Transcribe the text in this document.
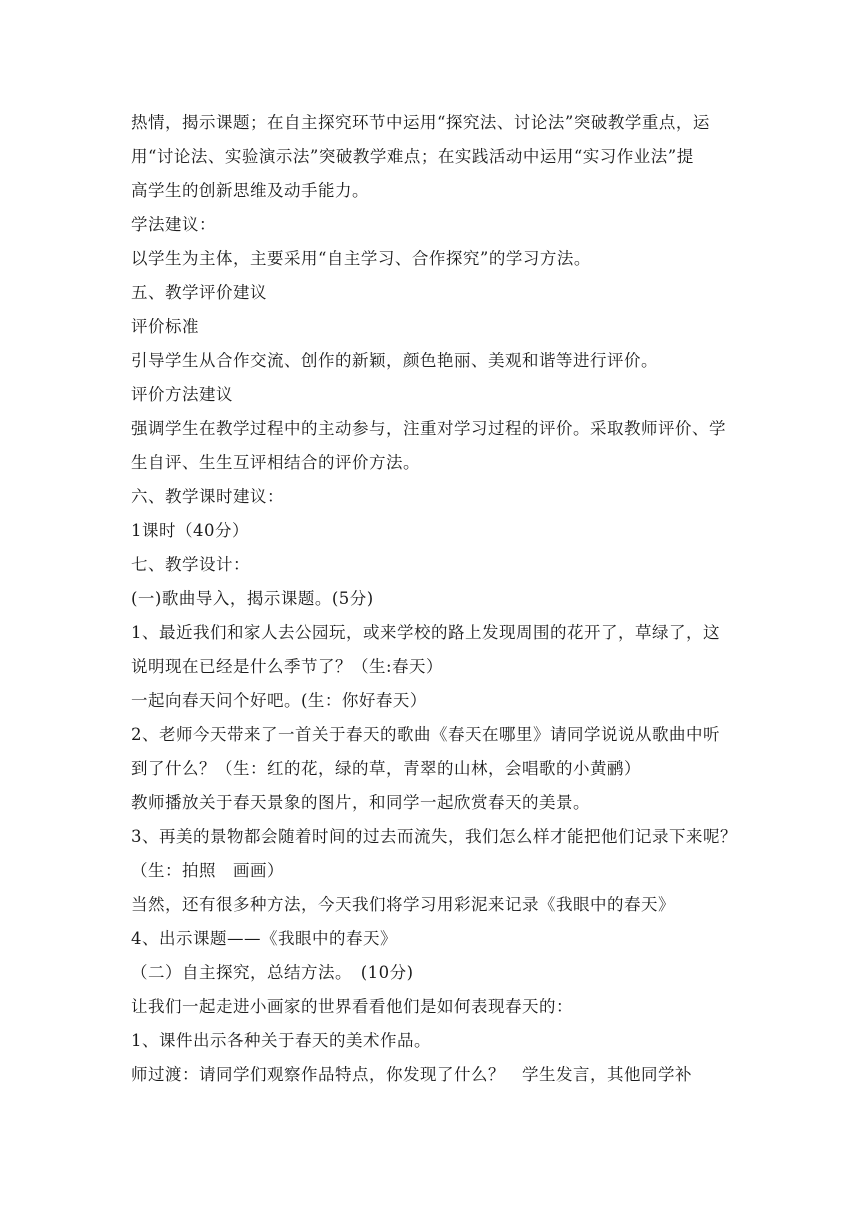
热情，揭示课题；在自主探究环节中运用“探究法、讨论法”突破教学重点，运
用“讨论法、实验演示法”突破教学难点；在实践活动中运用“实习作业法”提
高学生的创新思维及动手能力。
学法建议：
以学生为主体，主要采用“自主学习、合作探究”的学习方法。
五、教学评价建议
评价标准
引导学生从合作交流、创作的新颖，颜色艳丽、美观和谐等进行评价。
评价方法建议
强调学生在教学过程中的主动参与，注重对学习过程的评价。采取教师评价、学
生自评、生生互评相结合的评价方法。
六、教学课时建议：
1课时（40分）
七、教学设计：
(一)歌曲导入，揭示课题。(5分)
1、最近我们和家人去公园玩，或来学校的路上发现周围的花开了，草绿了，这
说明现在已经是什么季节了？（生:春天）
一起向春天问个好吧。(生：你好春天）
2、老师今天带来了一首关于春天的歌曲《春天在哪里》请同学说说从歌曲中听
到了什么？（生：红的花，绿的草，青翠的山林，会唱歌的小黄鹂）
教师播放关于春天景象的图片，和同学一起欣赏春天的美景。
3、再美的景物都会随着时间的过去而流失，我们怎么样才能把他们记录下来呢？
（生：拍照　画画）
当然，还有很多种方法，今天我们将学习用彩泥来记录《我眼中的春天》
4、出示课题——《我眼中的春天》
（二）自主探究，总结方法。　(10分)
让我们一起走进小画家的世界看看他们是如何表现春天的：
1、课件出示各种关于春天的美术作品。
师过渡：请同学们观察作品特点，你发现了什么？　学生发言，其他同学补
